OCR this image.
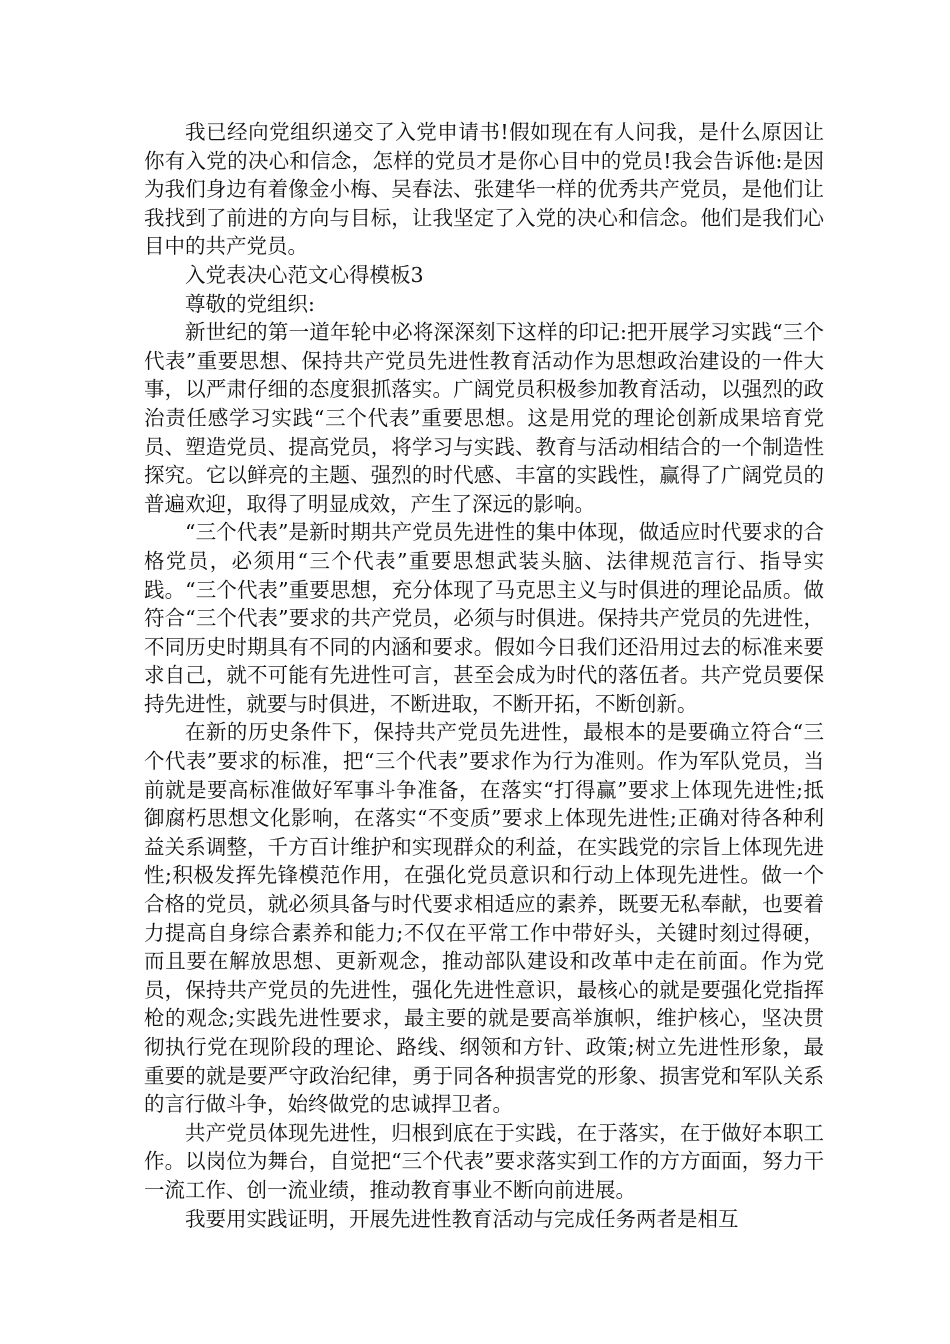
我已经向党组织递交了入党申请书!假如现在有人问我，是什么原因让你有入党的决心和信念，怎样的党员才是你心目中的党员!我会告诉他:是因为我们身边有着像金小梅、吴春法、张建华一样的优秀共产党员，是他们让我找到了前进的方向与目标，让我坚定了入党的决心和信念。他们是我们心目中的共产党员。

入党表决心范文心得模板3

尊敬的党组织:

新世纪的第一道年轮中必将深深刻下这样的印记:把开展学习实践“三个代表”重要思想、保持共产党员先进性教育活动作为思想政治建设的一件大事，以严肃仔细的态度狠抓落实。广阔党员积极参加教育活动，以强烈的政治责任感学习实践“三个代表”重要思想。这是用党的理论创新成果培育党员、塑造党员、提高党员，将学习与实践、教育与活动相结合的一个制造性探究。它以鲜亮的主题、强烈的时代感、丰富的实践性，赢得了广阔党员的普遍欢迎，取得了明显成效，产生了深远的影响。

“三个代表”是新时期共产党员先进性的集中体现，做适应时代要求的合格党员，必须用“三个代表”重要思想武装头脑、法律规范言行、指导实践。“三个代表”重要思想，充分体现了马克思主义与时俱进的理论品质。做符合“三个代表”要求的共产党员，必须与时俱进。保持共产党员的先进性，不同历史时期具有不同的内涵和要求。假如今日我们还沿用过去的标准来要求自己，就不可能有先进性可言，甚至会成为时代的落伍者。共产党员要保持先进性，就要与时俱进，不断进取，不断开拓，不断创新。

在新的历史条件下，保持共产党员先进性，最根本的是要确立符合“三个代表”要求的标准，把“三个代表”要求作为行为准则。作为军队党员，当前就是要高标准做好军事斗争准备，在落实“打得赢”要求上体现先进性;抵御腐朽思想文化影响，在落实“不变质”要求上体现先进性;正确对待各种利益关系调整，千方百计维护和实现群众的利益，在实践党的宗旨上体现先进性;积极发挥先锋模范作用，在强化党员意识和行动上体现先进性。做一个合格的党员，就必须具备与时代要求相适应的素养，既要无私奉献，也要着力提高自身综合素养和能力;不仅在平常工作中带好头，关键时刻过得硬，而且要在解放思想、更新观念，推动部队建设和改革中走在前面。作为党员，保持共产党员的先进性，强化先进性意识，最核心的就是要强化党指挥枪的观念;实践先进性要求，最主要的就是要高举旗帜，维护核心，坚决贯彻执行党在现阶段的理论、路线、纲领和方针、政策;树立先进性形象，最重要的就是要严守政治纪律，勇于同各种损害党的形象、损害党和军队关系的言行做斗争，始终做党的忠诚捍卫者。

共产党员体现先进性，归根到底在于实践，在于落实，在于做好本职工作。以岗位为舞台，自觉把“三个代表”要求落实到工作的方方面面，努力干一流工作、创一流业绩，推动教育事业不断向前进展。

我要用实践证明，开展先进性教育活动与完成任务两者是相互
